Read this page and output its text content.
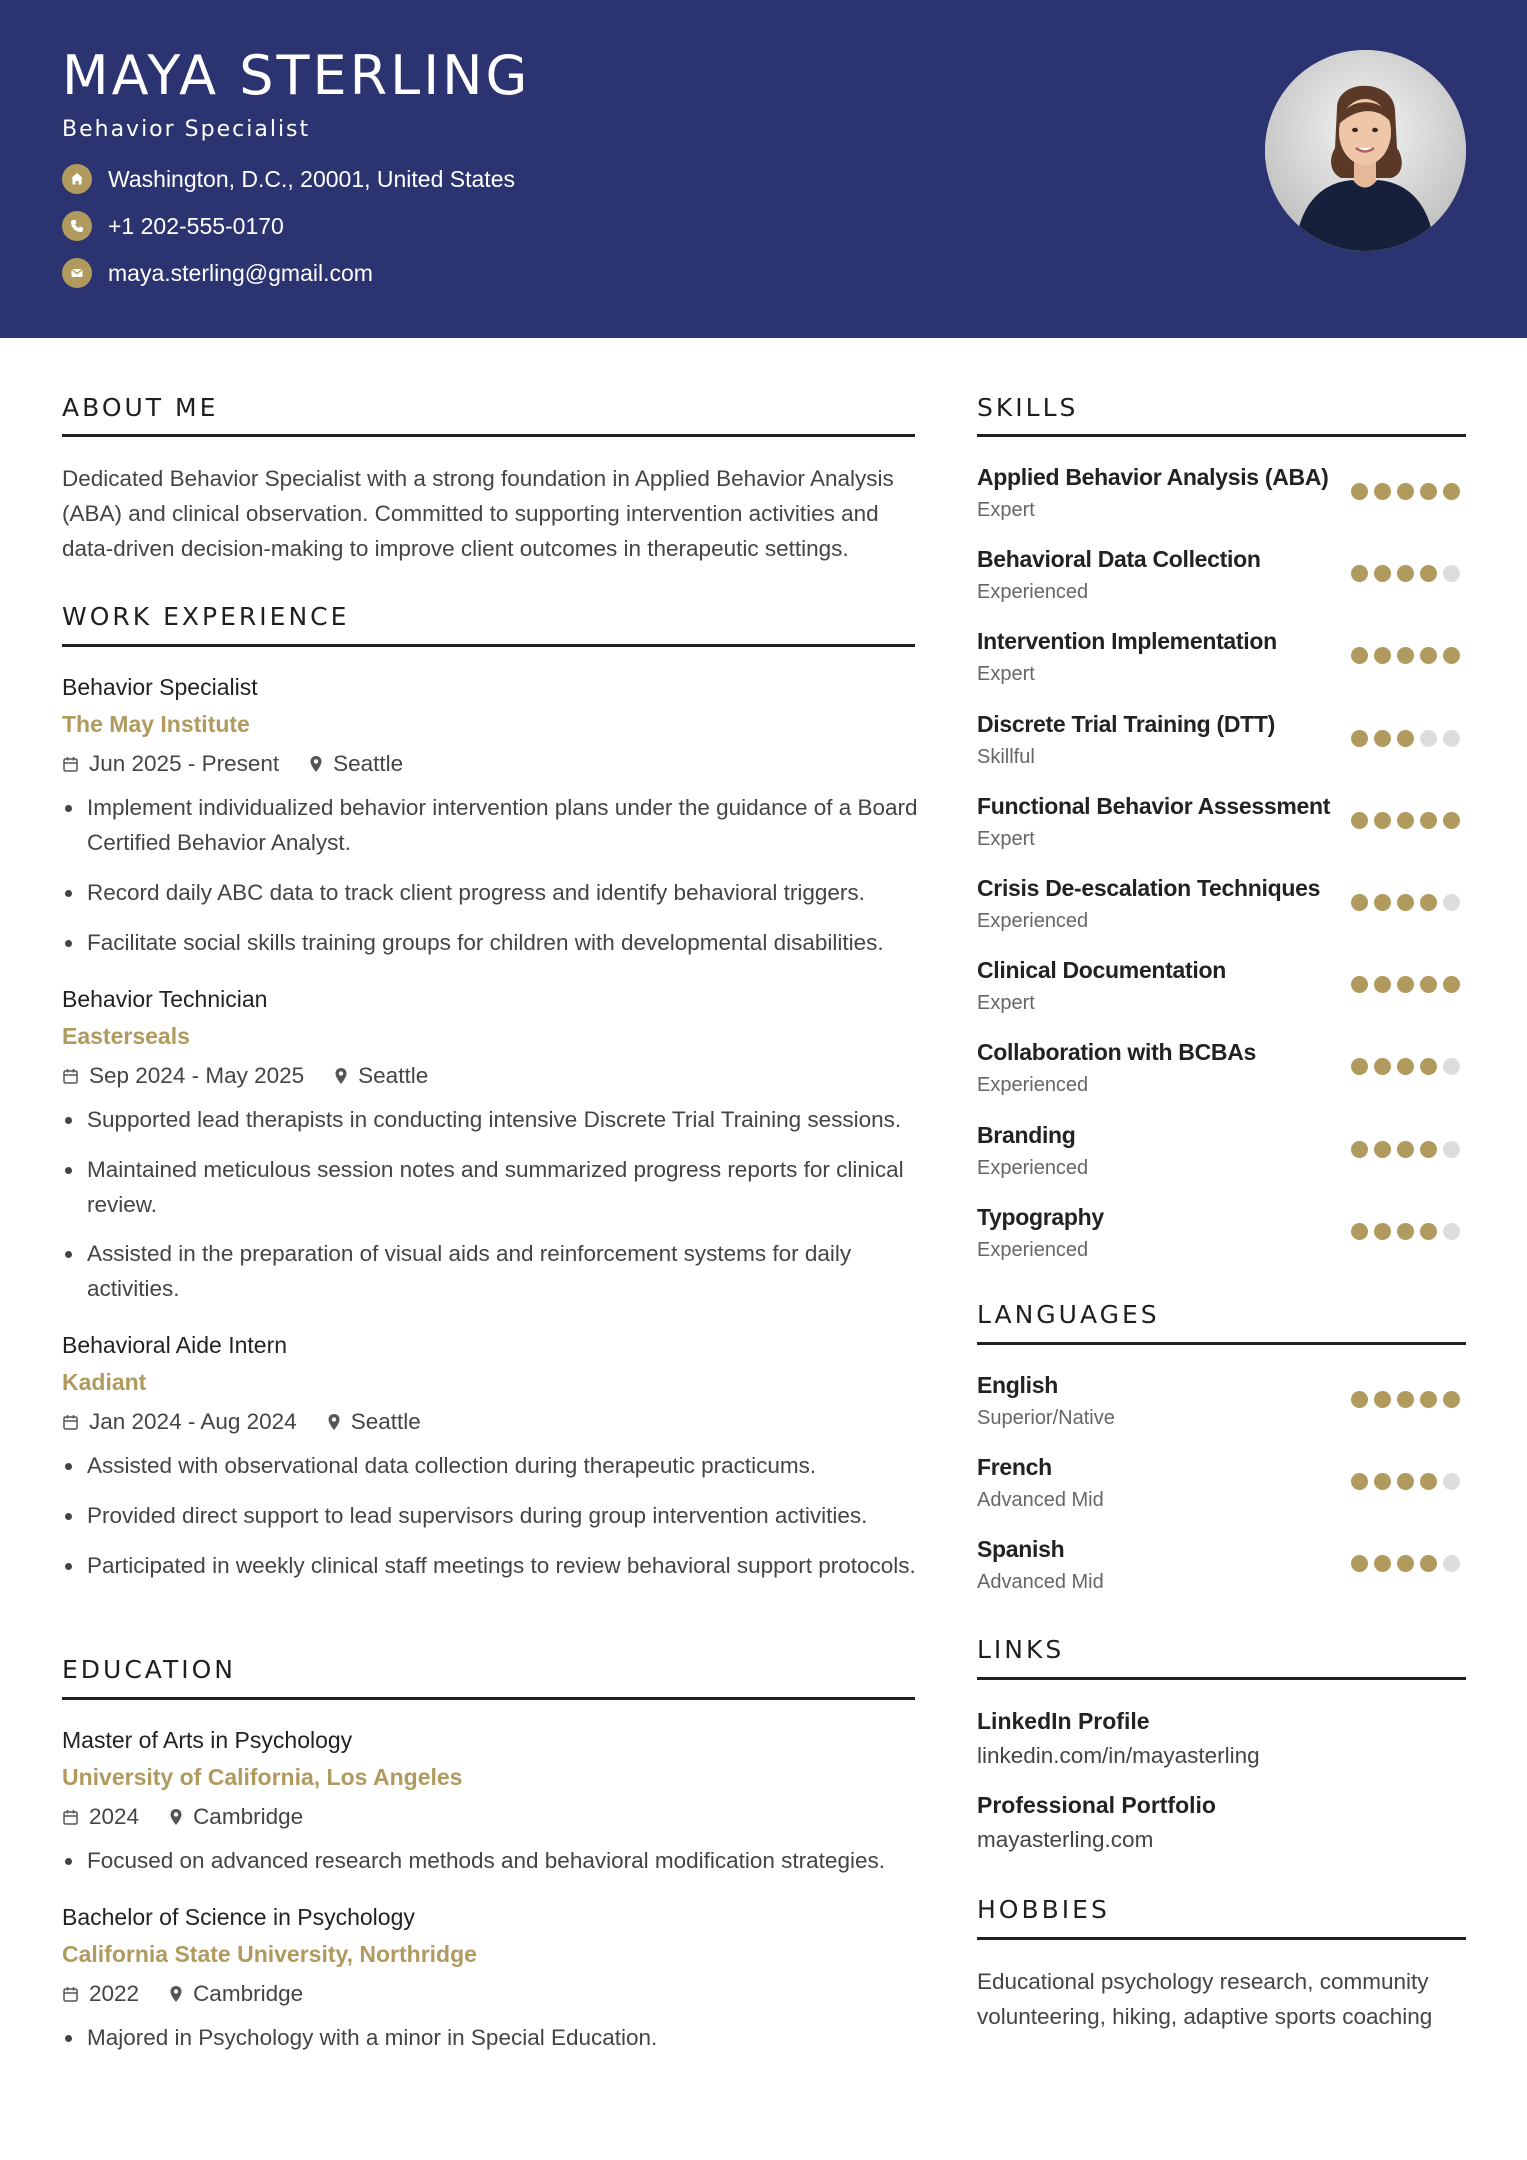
MAYA STERLING
Behavior Specialist
Washington, D.C., 20001, United States
+1 202-555-0170
maya.sterling@gmail.com
ABOUT ME
Dedicated Behavior Specialist with a strong foundation in Applied Behavior Analysis (ABA) and clinical observation. Committed to supporting intervention activities and data-driven decision-making to improve client outcomes in therapeutic settings.
WORK EXPERIENCE
Behavior Specialist
The May Institute
Jun 2025 - Present Seattle
Implement individualized behavior intervention plans under the guidance of a Board Certified Behavior Analyst.
Record daily ABC data to track client progress and identify behavioral triggers.
Facilitate social skills training groups for children with developmental disabilities.
Behavior Technician
Easterseals
Sep 2024 - May 2025 Seattle
Supported lead therapists in conducting intensive Discrete Trial Training sessions.
Maintained meticulous session notes and summarized progress reports for clinical review.
Assisted in the preparation of visual aids and reinforcement systems for daily activities.
Behavioral Aide Intern
Kadiant
Jan 2024 - Aug 2024 Seattle
Assisted with observational data collection during therapeutic practicums.
Provided direct support to lead supervisors during group intervention activities.
Participated in weekly clinical staff meetings to review behavioral support protocols.
EDUCATION
Master of Arts in Psychology
University of California, Los Angeles
2024 Cambridge
Focused on advanced research methods and behavioral modification strategies.
Bachelor of Science in Psychology
California State University, Northridge
2022 Cambridge
Majored in Psychology with a minor in Special Education.
SKILLS
Applied Behavior Analysis (ABA)
Expert
Behavioral Data Collection
Experienced
Intervention Implementation
Expert
Discrete Trial Training (DTT)
Skillful
Functional Behavior Assessment
Expert
Crisis De-escalation Techniques
Experienced
Clinical Documentation
Expert
Collaboration with BCBAs
Experienced
Branding
Experienced
Typography
Experienced
LANGUAGES
English
Superior/Native
French
Advanced Mid
Spanish
Advanced Mid
LINKS
LinkedIn Profile
linkedin.com/in/mayasterling
Professional Portfolio
mayasterling.com
HOBBIES
Educational psychology research, community volunteering, hiking, adaptive sports coaching
